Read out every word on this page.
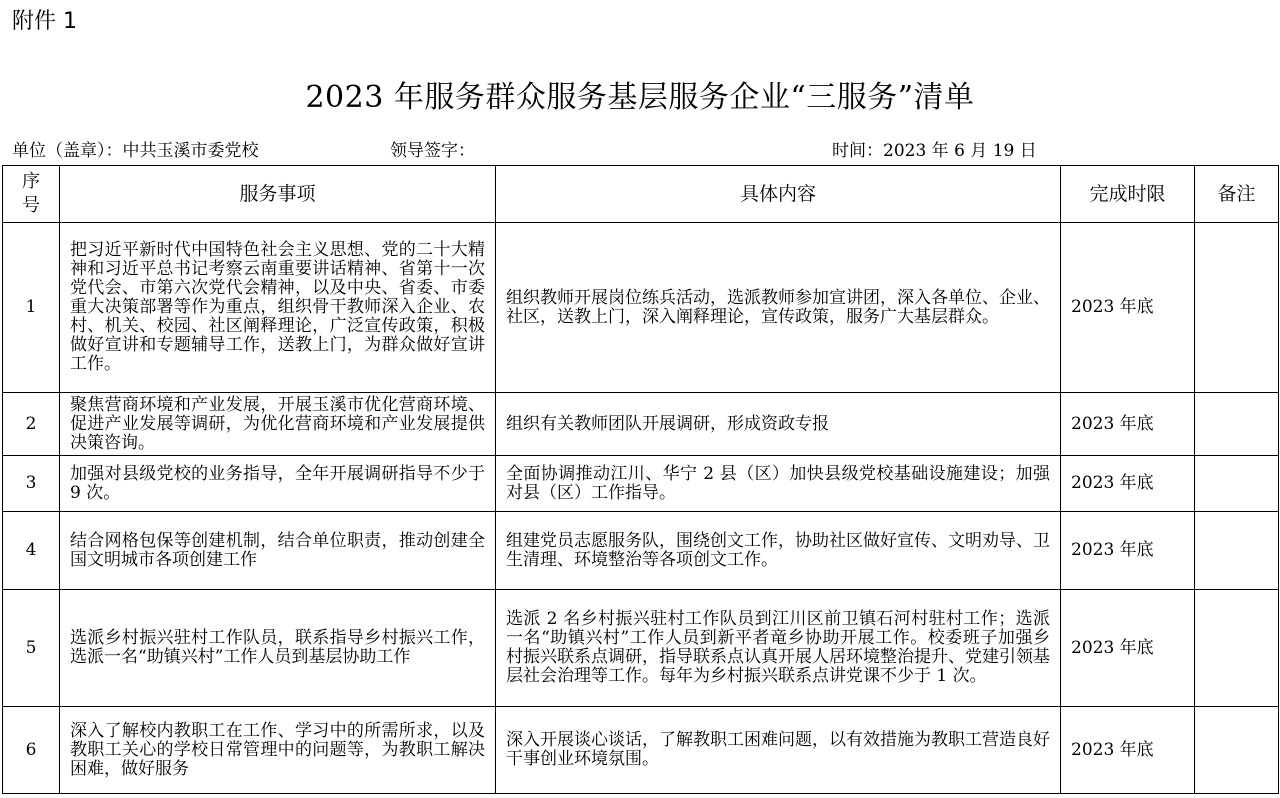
附件 1
2023 年服务群众服务基层服务企业“三服务”清单
单位（盖章）：中共玉溪市委党校	领导签字：	时间：2023 年 6 月 19 日
序号	服务事项	具体内容	完成时限	备注
1	把习近平新时代中国特色社会主义思想、党的二十大精神和习近平总书记考察云南重要讲话精神、省第十一次党代会、市第六次党代会精神，以及中央、省委、市委重大决策部署等作为重点，组织骨干教师深入企业、农村、机关、校园、社区阐释理论，广泛宣传政策，积极做好宣讲和专题辅导工作，送教上门，为群众做好宣讲工作。	组织教师开展岗位练兵活动，选派教师参加宣讲团，深入各单位、企业、社区，送教上门，深入阐释理论，宣传政策，服务广大基层群众。	2023 年底	
2	聚焦营商环境和产业发展，开展玉溪市优化营商环境、促进产业发展等调研，为优化营商环境和产业发展提供决策咨询。	组织有关教师团队开展调研，形成资政专报	2023 年底	
3	加强对县级党校的业务指导，全年开展调研指导不少于 9 次。	全面协调推动江川、华宁 2 县（区）加快县级党校基础设施建设；加强对县（区）工作指导。	2023 年底	
4	结合网格包保等创建机制，结合单位职责，推动创建全国文明城市各项创建工作	组建党员志愿服务队，围绕创文工作，协助社区做好宣传、文明劝导、卫生清理、环境整治等各项创文工作。	2023 年底	
5	选派乡村振兴驻村工作队员，联系指导乡村振兴工作，选派一名“助镇兴村”工作人员到基层协助工作	选派 2 名乡村振兴驻村工作队员到江川区前卫镇石河村驻村工作；选派一名“助镇兴村”工作人员到新平者竜乡协助开展工作。校委班子加强乡村振兴联系点调研，指导联系点认真开展人居环境整治提升、党建引领基层社会治理等工作。每年为乡村振兴联系点讲党课不少于 1 次。	2023 年底	
6	深入了解校内教职工在工作、学习中的所需所求，以及教职工关心的学校日常管理中的问题等，为教职工解决困难，做好服务	深入开展谈心谈话，了解教职工困难问题，以有效措施为教职工营造良好干事创业环境氛围。	2023 年底	
